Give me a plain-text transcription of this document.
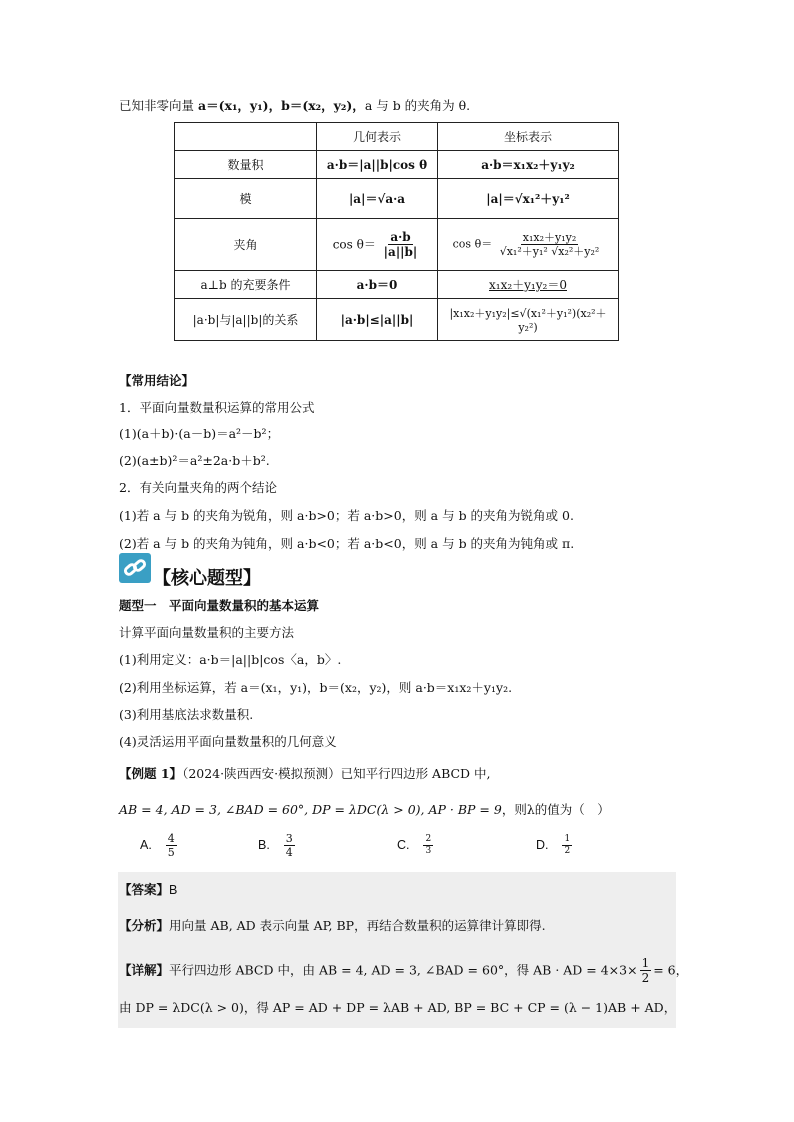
已知非零向量 a＝(x₁，y₁)，b＝(x₂，y₂)，a 与 b 的夹角为 θ.
	几何表示	坐标表示
数量积	a·b＝|a||b|cos θ	a·b＝x₁x₂＋y₁y₂
模	|a|＝√a·a	|a|＝√x₁²＋y₁²
夹角	$\cos \theta= \frac{a\cdot b}{|a||b|}$	$\cos \theta= \frac{\text{x₁x₂＋y₁y₂}}{\text{√x₁²＋y₁² √x₂²＋y₂²}}$

a⊥b 的充要条件	a·b＝0	x₁x₂＋y₁y₂＝0
|a·b|与|a||b|的关系	|a·b|≤|a||b|	|x₁x₂＋y₁y₂|≤√(x₁²＋y₁²)(x₂²＋y₂²)
【常用结论】
1．平面向量数量积运算的常用公式
(1)(a＋b)·(a－b)＝a²－b²；
(2)(a±b)²＝a²±2a·b＋b².
2．有关向量夹角的两个结论
(1)若 a 与 b 的夹角为锐角，则 a·b>0；若 a·b>0，则 a 与 b 的夹角为锐角或 0.
(2)若 a 与 b 的夹角为钝角，则 a·b<0；若 a·b<0，则 a 与 b 的夹角为钝角或 π.
【核心题型】
题型一　平面向量数量积的基本运算
计算平面向量数量积的主要方法
(1)利用定义：a·b＝|a||b|cos〈a，b〉.
(2)利用坐标运算，若 a＝(x₁，y₁)，b＝(x₂，y₂)，则 a·b＝x₁x₂＋y₁y₂.
(3)利用基底法求数量积.
(4)灵活运用平面向量数量积的几何意义
【例题 1】（2024·陕西西安·模拟预测）已知平行四边形 ABCD 中,
AB = 4, AD = 3, ∠BAD = 60°, DP = λDC(λ > 0), AP · BP = 9，则λ的值为（　）
A. $\frac{4}{5}$	B. $\frac{3}{4}$	C. $\frac{2}{3}$	D. $\frac{1}{2}$
【答案】B
【分析】用向量 AB, AD 表示向量 AP, BP，再结合数量积的运算律计算即得.
【详解】平行四边形 ABCD 中，由 AB = 4, AD = 3, ∠BAD = 60°，得 AB · AD = $4\times 3\times \frac{1}{2} = 6$，
由 DP = λDC(λ > 0)，得 AP = AD + DP = λAB + AD, BP = BC + CP = (λ − 1)AB + AD，
